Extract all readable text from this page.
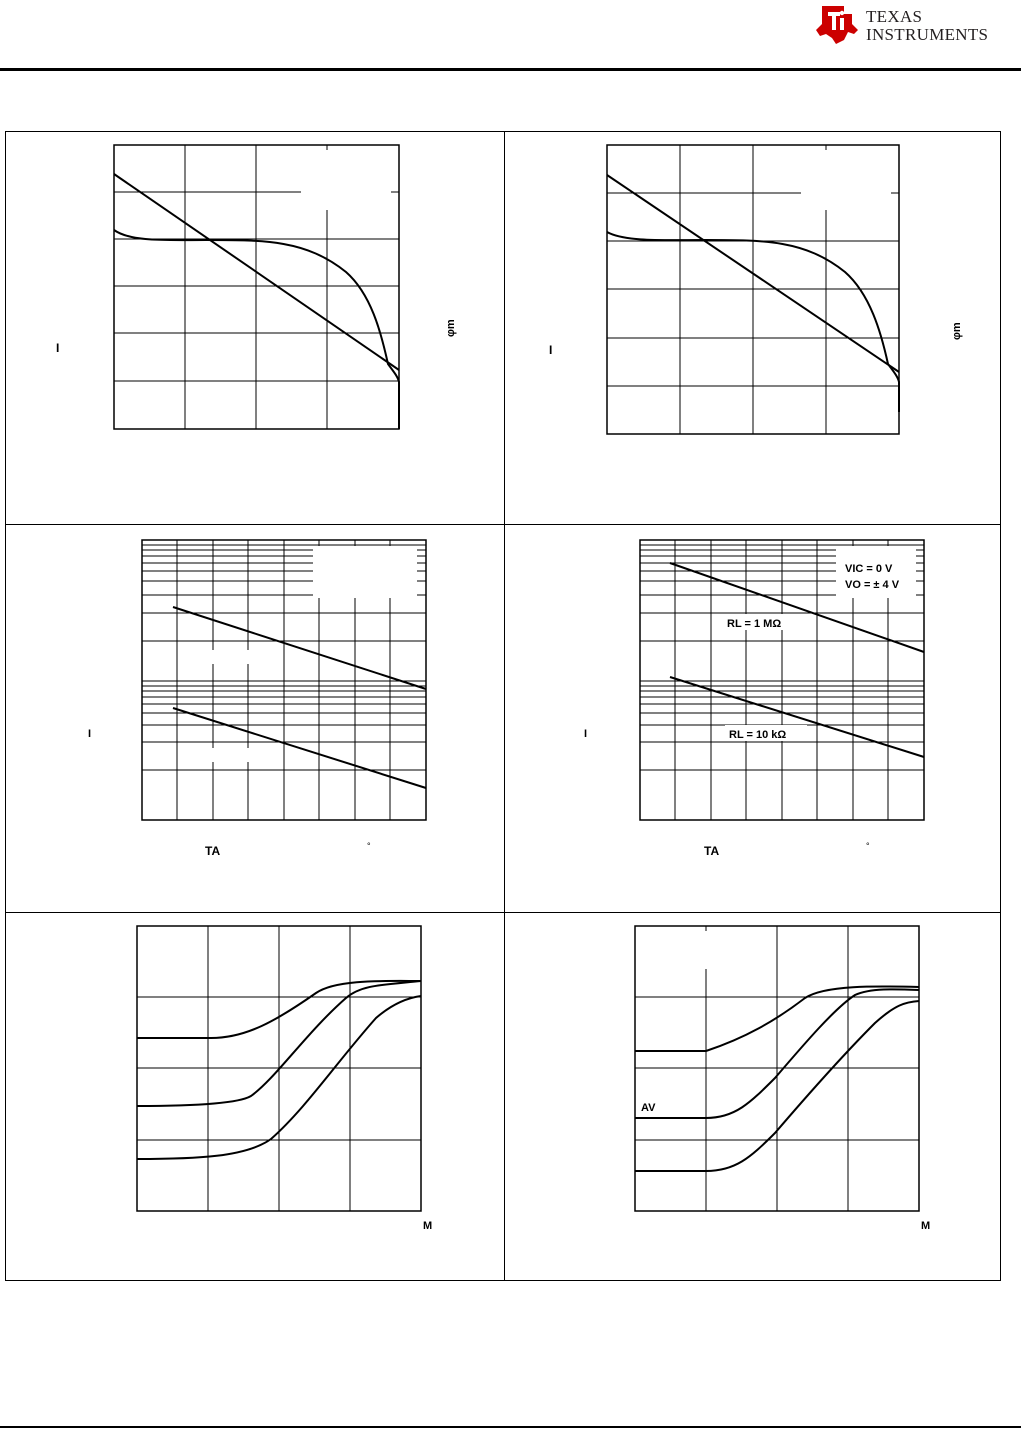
TEXAS
INSTRUMENTS
I
φm
I
φm
I
TA	°
VIC = 0 V
VO = ± 4 V
RL = 1 MΩ
RL = 10 kΩ
I
TA	°
M
AV
M
